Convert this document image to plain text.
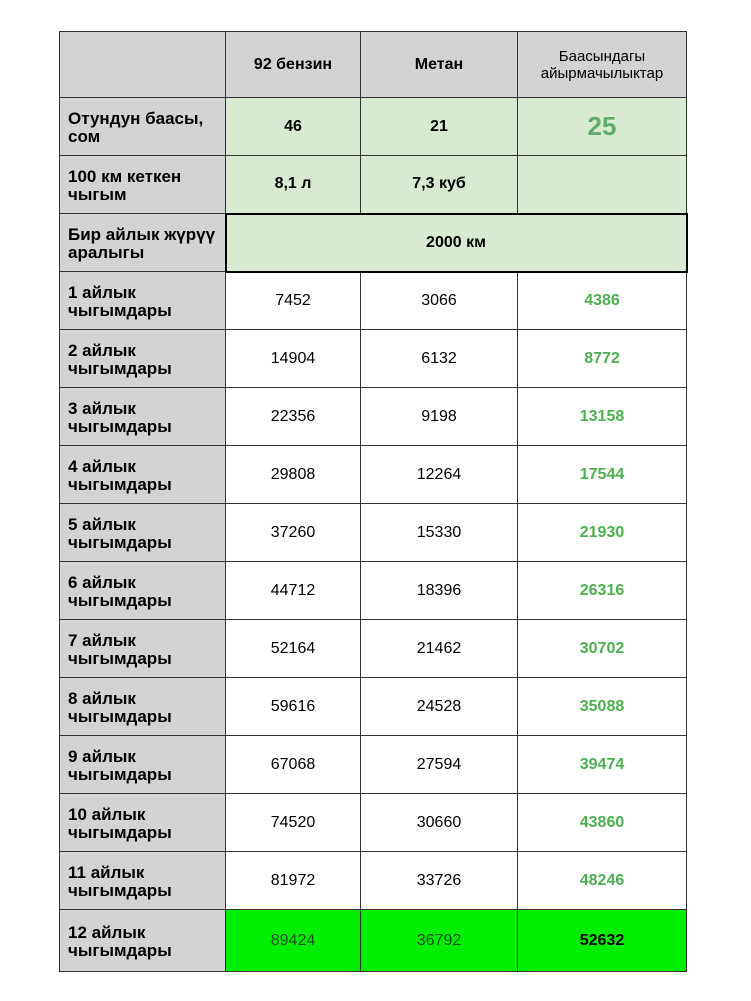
	92 бензин	Метан	Баасындагы айырмачылыктар
Отундун баасы, сом	46	21	25
100 км кеткен чыгым	8,1 л	7,3 куб	
Бир айлык жүрүү аралыгы	2000 км		
1 айлык чыгымдары	7452	3066	4386
2 айлык чыгымдары	14904	6132	8772
3 айлык чыгымдары	22356	9198	13158
4 айлык чыгымдары	29808	12264	17544
5 айлык чыгымдары	37260	15330	21930
6 айлык чыгымдары	44712	18396	26316
7 айлык чыгымдары	52164	21462	30702
8 айлык чыгымдары	59616	24528	35088
9 айлык чыгымдары	67068	27594	39474
10 айлык чыгымдары	74520	30660	43860
11 айлык чыгымдары	81972	33726	48246
12 айлык чыгымдары	89424	36792	52632
